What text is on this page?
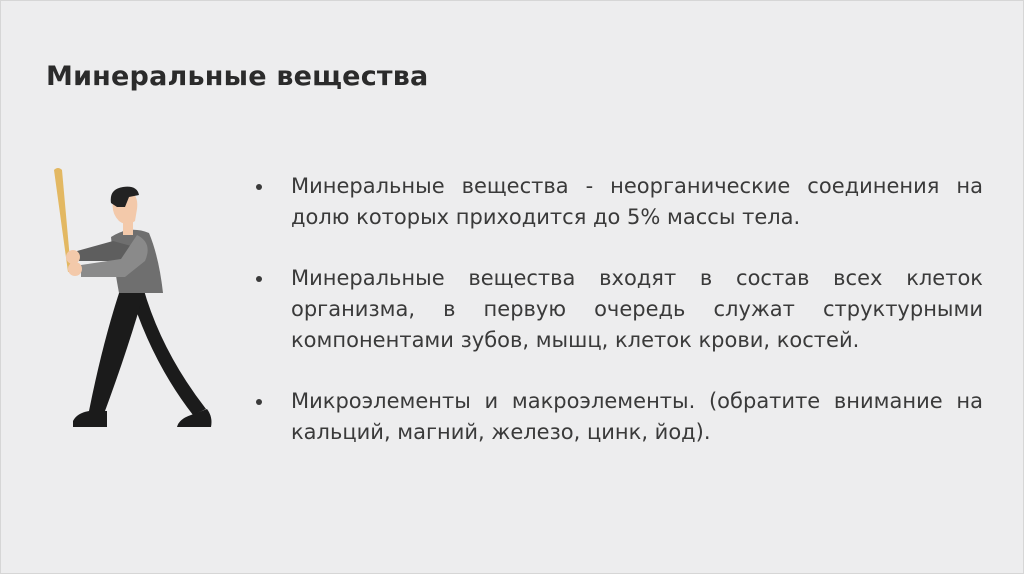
Минеральные вещества
Минеральные вещества - неорганические соединения на долю которых приходится до 5% массы тела.
Минеральные вещества входят в состав всех клеток организма, в первую очередь служат структурными компонентами зубов, мышц, клеток крови, костей.
Микроэлементы и макроэлементы. (обратите внимание на кальций, магний, железо, цинк, йод).
